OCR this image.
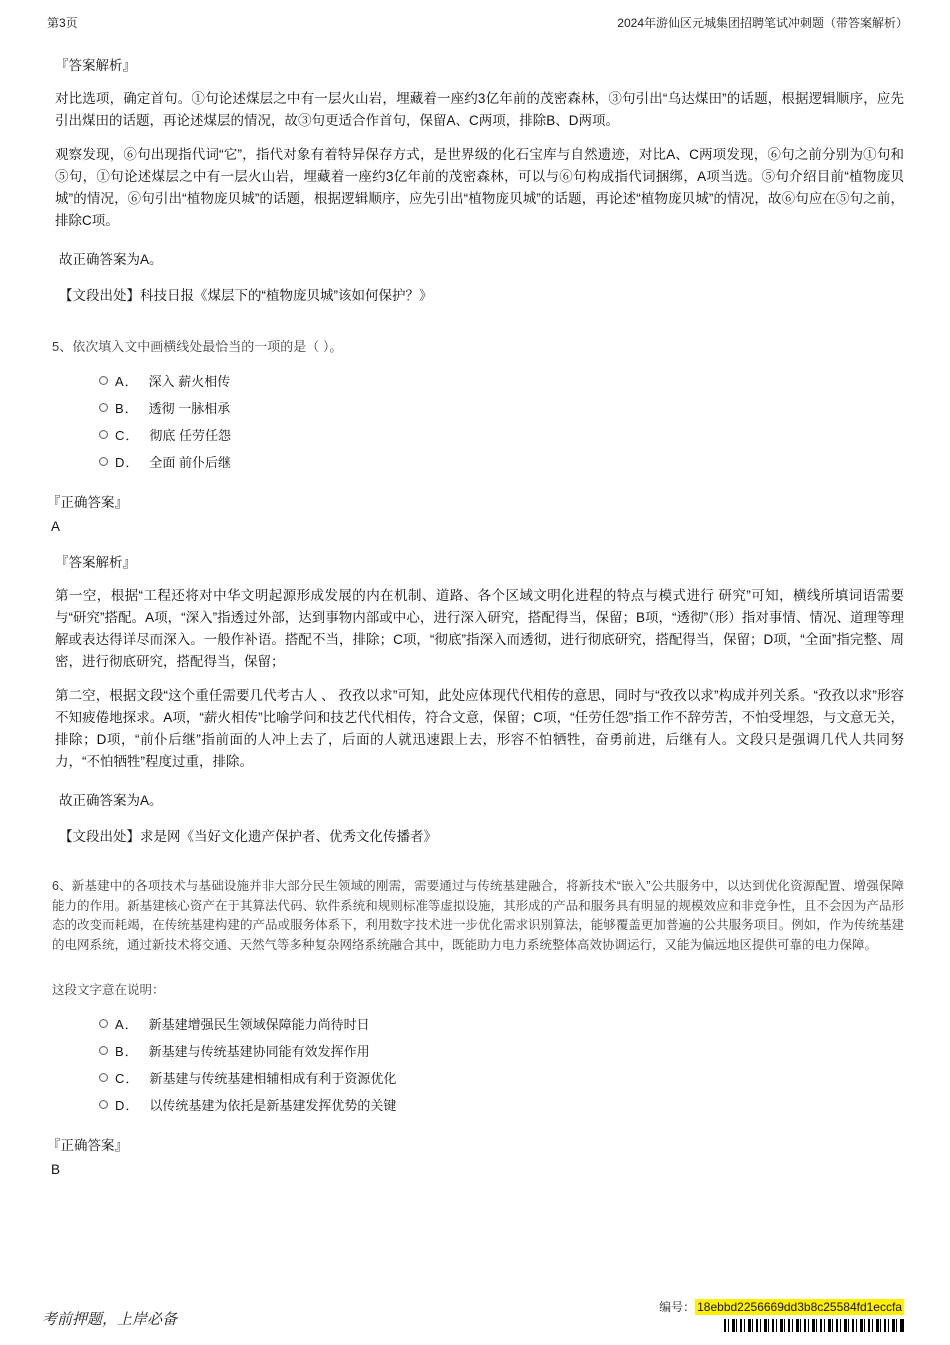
第3页	2024年游仙区元城集团招聘笔试冲刺题（带答案解析）

『答案解析』

对比选项，确定首句。①句论述煤层之中有一层火山岩，埋藏着一座约3亿年前的茂密森林，③句引出“乌达煤田”的话题，根据逻辑顺序，应先引出煤田的话题，再论述煤层的情况，故③句更适合作首句，保留A、C两项，排除B、D两项。

观察发现，⑥句出现指代词“它”，指代对象有着特异保存方式，是世界级的化石宝库与自然遗迹，对比A、C两项发现，⑥句之前分别为①句和⑤句，①句论述煤层之中有一层火山岩，埋藏着一座约3亿年前的茂密森林，可以与⑥句构成指代词捆绑，A项当选。⑤句介绍目前“植物庞贝城”的情况，⑥句引出“植物庞贝城”的话题，根据逻辑顺序，应先引出“植物庞贝城”的话题，再论述“植物庞贝城”的情况，故⑥句应在⑤句之前，排除C项。

故正确答案为A。

【文段出处】科技日报《煤层下的“植物庞贝城”该如何保护？》

5、依次填入文中画横线处最恰当的一项的是（ ）。

A． 深入 薪火相传
B． 透彻 一脉相承
C． 彻底 任劳任怨
D． 全面 前仆后继

『正确答案』

A

『答案解析』

第一空，根据“工程还将对中华文明起源形成发展的内在机制、道路、各个区域文明化进程的特点与模式进行 研究”可知，横线所填词语需要与“研究”搭配。A项，“深入”指透过外部，达到事物内部或中心，进行深入研究，搭配得当，保留；B项，“透彻”（形）指对事情、情况、道理等理解或表达得详尽而深入。一般作补语。搭配不当，排除；C项，“彻底”指深入而透彻，进行彻底研究，搭配得当，保留；D项，“全面”指完整、周密，进行彻底研究，搭配得当，保留；

第二空，根据文段“这个重任需要几代考古人 、 孜孜以求”可知，此处应体现代代相传的意思，同时与“孜孜以求”构成并列关系。“孜孜以求”形容不知疲倦地探求。A项，“薪火相传”比喻学问和技艺代代相传，符合文意，保留；C项，“任劳任怨”指工作不辞劳苦，不怕受埋怨，与文意无关，排除；D项，“前仆后继”指前面的人冲上去了，后面的人就迅速跟上去，形容不怕牺牲，奋勇前进，后继有人。文段只是强调几代人共同努力，“不怕牺牲”程度过重，排除。

故正确答案为A。

【文段出处】求是网《当好文化遗产保护者、优秀文化传播者》

6、新基建中的各项技术与基础设施并非大部分民生领域的刚需，需要通过与传统基建融合，将新技术“嵌入”公共服务中，以达到优化资源配置、增强保障能力的作用。新基建核心资产在于其算法代码、软件系统和规则标准等虚拟设施，其形成的产品和服务具有明显的规模效应和非竞争性，且不会因为产品形态的改变而耗竭，在传统基建构建的产品或服务体系下，利用数字技术进一步优化需求识别算法，能够覆盖更加普遍的公共服务项目。例如，作为传统基建的电网系统，通过新技术将交通、天然气等多种复杂网络系统融合其中，既能助力电力系统整体高效协调运行，又能为偏远地区提供可靠的电力保障。

这段文字意在说明：

A． 新基建增强民生领域保障能力尚待时日
B． 新基建与传统基建协同能有效发挥作用
C． 新基建与传统基建相辅相成有利于资源优化
D． 以传统基建为依托是新基建发挥优势的关键

『正确答案』

B

考前押题，上岸必备
编号： 18ebbd2256669dd3b8c25584fd1eccfa
